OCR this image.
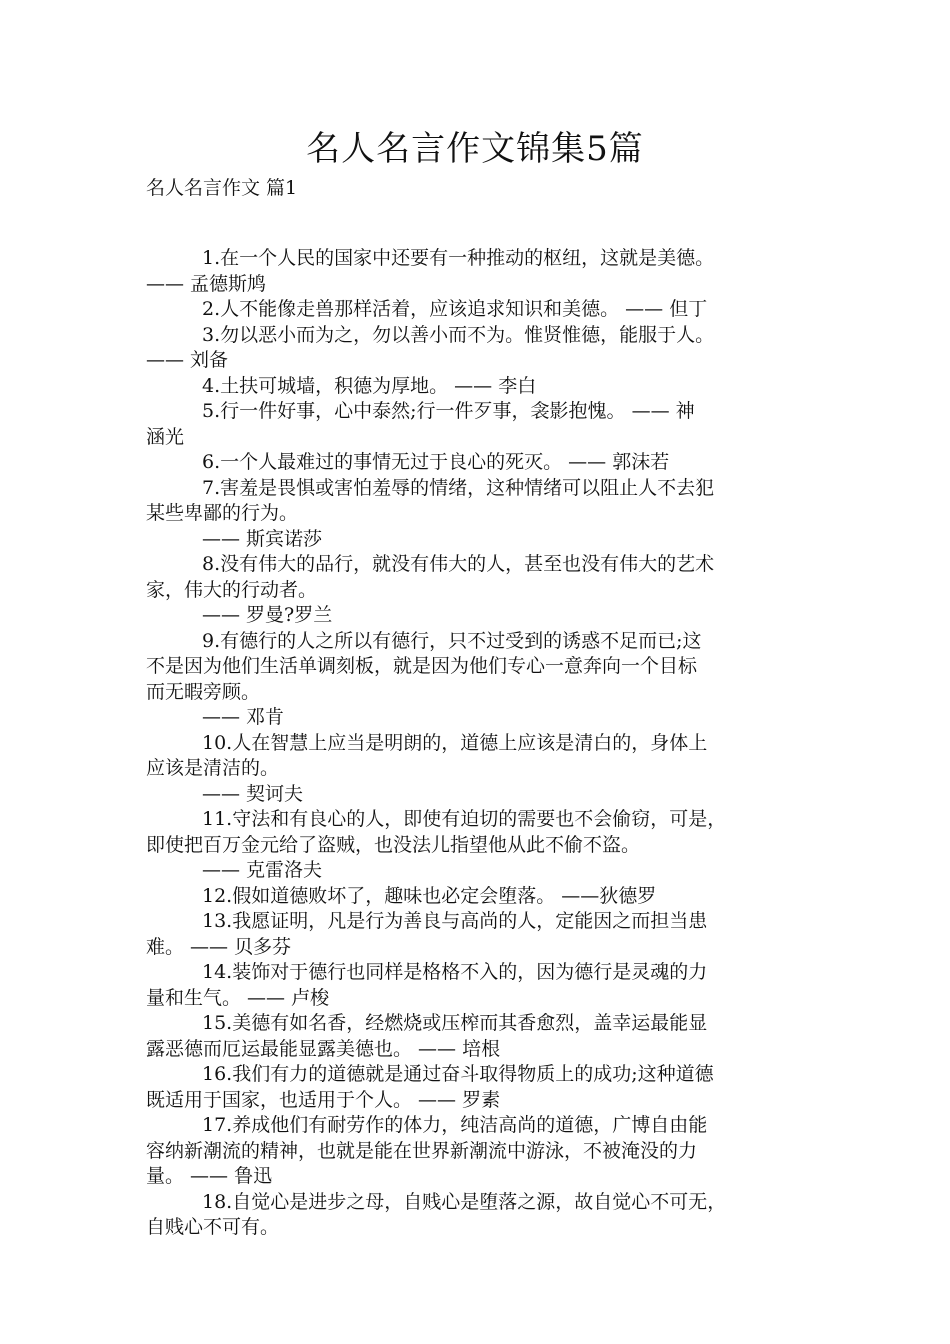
名人名言作文锦集5篇
名人名言作文 篇1
1.在一个人民的国家中还要有一种推动的枢纽，这就是美德。
—— 孟德斯鸠
2.人不能像走兽那样活着，应该追求知识和美德。 —— 但丁
3.勿以恶小而为之，勿以善小而不为。惟贤惟德，能服于人。
—— 刘备
4.土扶可城墙，积德为厚地。 —— 李白
5.行一件好事，心中泰然;行一件歹事，衾影抱愧。 —— 神
涵光
6.一个人最难过的事情无过于良心的死灭。 —— 郭沫若
7.害羞是畏惧或害怕羞辱的情绪，这种情绪可以阻止人不去犯
某些卑鄙的行为。
—— 斯宾诺莎
8.没有伟大的品行，就没有伟大的人，甚至也没有伟大的艺术
家，伟大的行动者。
—— 罗曼?罗兰
9.有德行的人之所以有德行，只不过受到的诱惑不足而已;这
不是因为他们生活单调刻板，就是因为他们专心一意奔向一个目标
而无暇旁顾。
—— 邓肯
10.人在智慧上应当是明朗的，道德上应该是清白的，身体上
应该是清洁的。
—— 契诃夫
11.守法和有良心的人，即使有迫切的需要也不会偷窃，可是，
即使把百万金元给了盗贼，也没法儿指望他从此不偷不盗。
—— 克雷洛夫
12.假如道德败坏了，趣味也必定会堕落。 ——狄德罗
13.我愿证明，凡是行为善良与高尚的人，定能因之而担当患
难。 —— 贝多芬
14.装饰对于德行也同样是格格不入的，因为德行是灵魂的力
量和生气。 —— 卢梭
15.美德有如名香，经燃烧或压榨而其香愈烈，盖幸运最能显
露恶德而厄运最能显露美德也。 —— 培根
16.我们有力的道德就是通过奋斗取得物质上的成功;这种道德
既适用于国家，也适用于个人。 —— 罗素
17.养成他们有耐劳作的体力，纯洁高尚的道德，广博自由能
容纳新潮流的精神，也就是能在世界新潮流中游泳，不被淹没的力
量。 —— 鲁迅
18.自觉心是进步之母，自贱心是堕落之源，故自觉心不可无，
自贱心不可有。
